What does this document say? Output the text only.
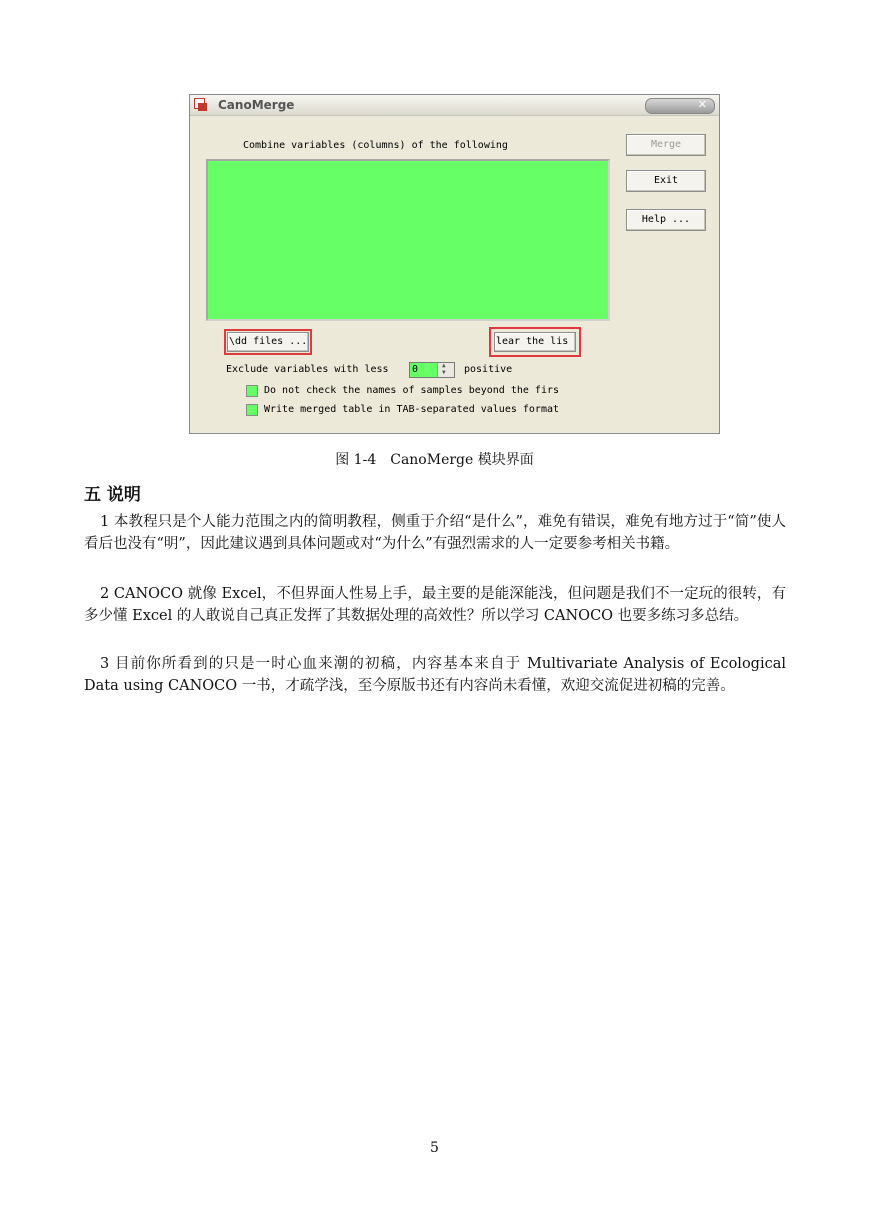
CanoMerge	✕
Combine variables (columns) of the following	Merge
Exit
Help ...
\dd files ...	lear the lis
Exclude variables with less 0	▲
▼ positive
Do not check the names of samples beyond the firs
Write merged table in TAB-separated values format
图 1-4　CanoMerge 模块界面
五 说明

1 本教程只是个人能力范围之内的简明教程，侧重于介绍“是什么”，难免有错误，难免有地方过于“简”使人看后也没有“明”，因此建议遇到具体问题或对“为什么”有强烈需求的人一定要参考相关书籍。

2 CANOCO 就像 Excel，不但界面人性易上手，最主要的是能深能浅，但问题是我们不一定玩的很转，有多少懂 Excel 的人敢说自己真正发挥了其数据处理的高效性？所以学习 CANOCO 也要多练习多总结。

3 目前你所看到的只是一时心血来潮的初稿，内容基本来自于 Multivariate Analysis of Ecological Data using CANOCO 一书，才疏学浅，至今原版书还有内容尚未看懂，欢迎交流促进初稿的完善。

5
